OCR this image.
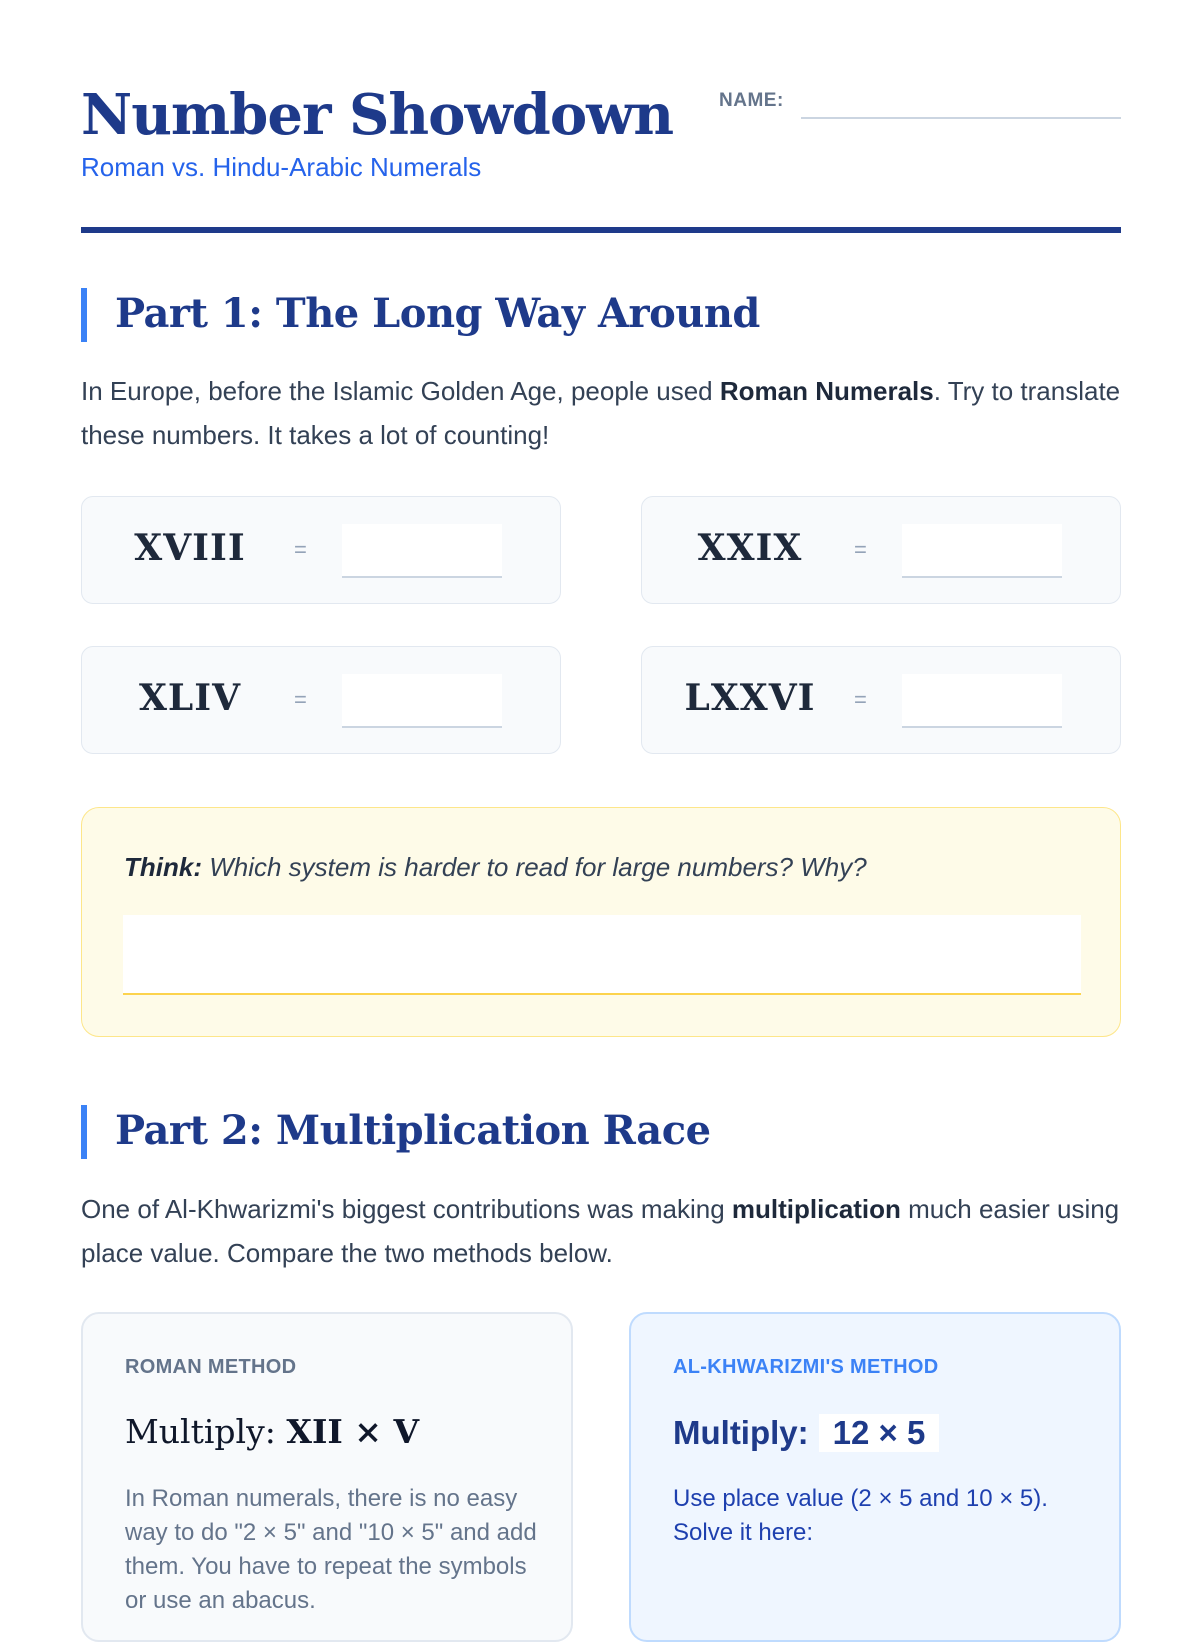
Number Showdown
Roman vs. Hindu-Arabic Numerals
NAME:
Part 1: The Long Way Around
In Europe, before the Islamic Golden Age, people used Roman Numerals. Try to translate these numbers. It takes a lot of counting!
XVIII	=	XXIX	=
XLIV	=	LXXVI	=
Think: Which system is harder to read for large numbers? Why?
Part 2: Multiplication Race
One of Al-Khwarizmi's biggest contributions was making multiplication much easier using place value. Compare the two methods below.
ROMAN METHOD
Multiply: XII × V
In Roman numerals, there is no easy way to do "2 × 5" and "10 × 5" and add them. You have to repeat the symbols or use an abacus.
AL-KHWARIZMI'S METHOD
Multiply: 12 × 5
Use place value (2 × 5 and 10 × 5). Solve it here:
